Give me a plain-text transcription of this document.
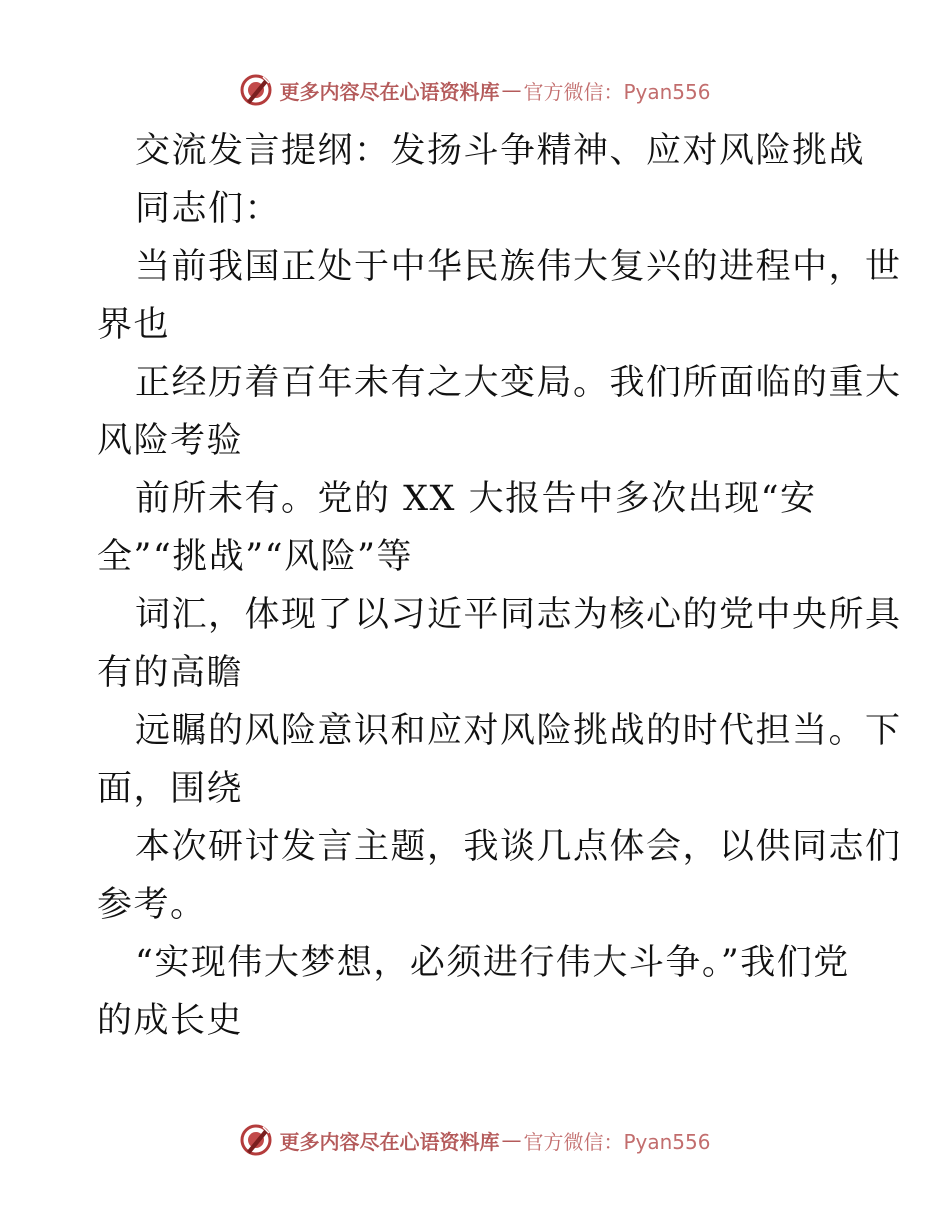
更多内容尽在心语资料库 — 官方微信：Pyan556
交流发言提纲：发扬斗争精神、应对风险挑战
同志们：
当前我国正处于中华民族伟大复兴的进程中，世
界也
正经历着百年未有之大变局。我们所面临的重大
风险考验
前所未有。党的 XX 大报告中多次出现“安
全”“挑战”“风险”等
词汇，体现了以习近平同志为核心的党中央所具
有的高瞻
远瞩的风险意识和应对风险挑战的时代担当。下
面，围绕
本次研讨发言主题，我谈几点体会，以供同志们
参考。
“实现伟大梦想，必须进行伟大斗争。”我们党
的成长史
更多内容尽在心语资料库 — 官方微信：Pyan556
